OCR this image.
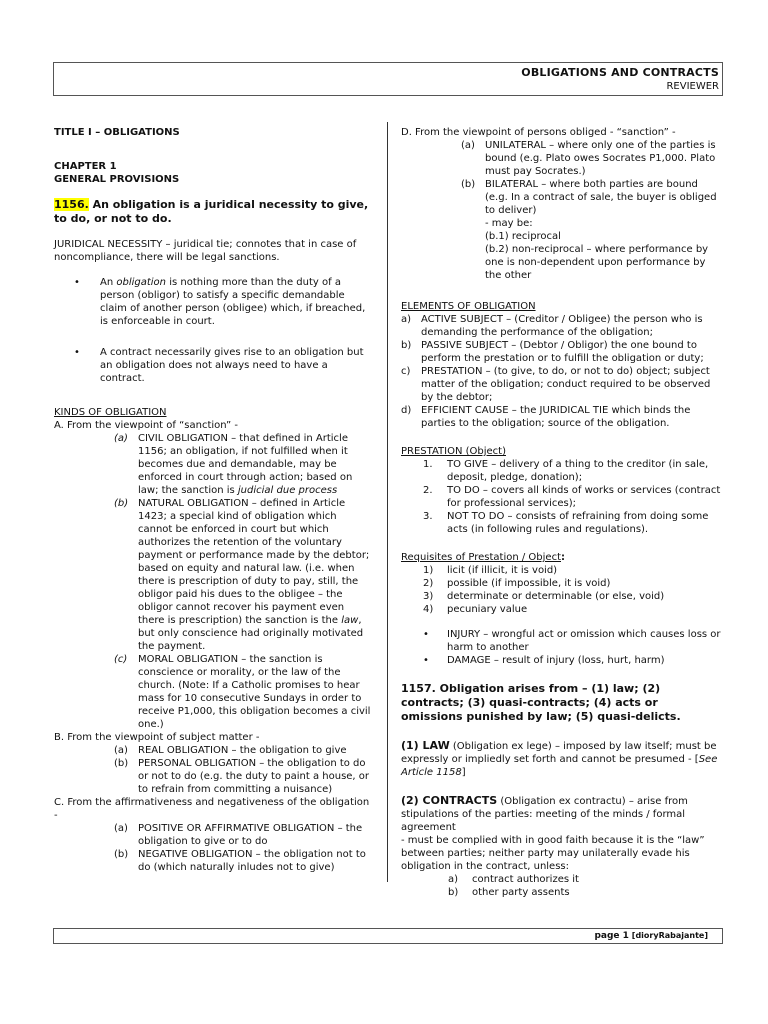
OBLIGATIONS AND CONTRACTS
REVIEWER

TITLE I – OBLIGATIONS

CHAPTER 1

GENERAL PROVISIONS

1156. An obligation is a juridical necessity to give, to do, or not to do.

JURIDICAL NECESSITY – juridical tie; connotes that in case of noncompliance, there will be legal sanctions.

•	An obligation is nothing more than the duty of a person (obligor) to satisfy a specific demandable claim of another person (obligee) which, if breached, is enforceable in court.
•	A contract necessarily gives rise to an obligation but an obligation does not always need to have a contract.

KINDS OF OBLIGATION

A. From the viewpoint of “sanction” -

(a)	CIVIL OBLIGATION – that defined in Article 1156; an obligation, if not fulfilled when it becomes due and demandable, may be enforced in court through action; based on law; the sanction is judicial due process
(b) NATURAL OBLIGATION – defined in Article 1423; a special kind of obligation which cannot be enforced in court but which authorizes the retention of the voluntary payment or performance made by the debtor; based on equity and natural law. (i.e. when there is prescription of duty to pay, still, the obligor paid his dues to the obligee – the obligor cannot recover his payment even there is prescription) the sanction is the law, but only conscience had originally motivated the payment.
(c)	MORAL OBLIGATION – the sanction is conscience or morality, or the law of the church. (Note: If a Catholic promises to hear mass for 10 consecutive Sundays in order to receive P1,000, this obligation becomes a civil one.)

B. From the viewpoint of subject matter -

(a)	REAL OBLIGATION – the obligation to give
(b) PERSONAL OBLIGATION – the obligation to do or not to do (e.g. the duty to paint a house, or to refrain from committing a nuisance)

C. From the affirmativeness and negativeness of the obligation -

(a)	POSITIVE OR AFFIRMATIVE OBLIGATION – the obligation to give or to do
(b) NEGATIVE OBLIGATION – the obligation not to do (which naturally inludes not to give)

D. From the viewpoint of persons obliged - “sanction” -

(a)	UNILATERAL – where only one of the parties is bound (e.g. Plato owes Socrates P1,000. Plato must pay Socrates.)
(b) BILATERAL – where both parties are bound (e.g. In a contract of sale, the buyer is obliged to deliver)
- may be:
(b.1) reciprocal
(b.2) non-reciprocal – where performance by one is non-dependent upon performance by the other

ELEMENTS OF OBLIGATION

a) ACTIVE SUBJECT – (Creditor / Obligee) the person who is demanding the performance of the obligation;
b) PASSIVE SUBJECT – (Debtor / Obligor) the one bound to perform the prestation or to fulfill the obligation or duty;
c)	PRESTATION – (to give, to do, or not to do) object; subject matter of the obligation; conduct required to be observed by the debtor;
d) EFFICIENT CAUSE – the JURIDICAL TIE which binds the parties to the obligation; source of the obligation.

PRESTATION (Object)

1.	TO GIVE – delivery of a thing to the creditor (in sale, deposit, pledge, donation);
2.	TO DO – covers all kinds of works or services (contract for professional services);
3.	NOT TO DO – consists of refraining from doing some acts (in following rules and regulations).

Requisites of Prestation / Object:

1)	licit (if illicit, it is void)
2)	possible (if impossible, it is void)
3)	determinate or determinable (or else, void)
4)	pecuniary value
•	INJURY – wrongful act or omission which causes loss or harm to another
•	DAMAGE – result of injury (loss, hurt, harm)

1157. Obligation arises from – (1) law; (2) contracts; (3) quasi-contracts; (4) acts or omissions punished by law; (5) quasi-delicts.

(1) LAW (Obligation ex lege) – imposed by law itself; must be expressly or impliedly set forth and cannot be presumed - [See Article 1158]

(2) CONTRACTS (Obligation ex contractu) – arise from stipulations of the parties: meeting of the minds / formal agreement

- must be complied with in good faith because it is the “law” between parties; neither party may unilaterally evade his obligation in the contract, unless:

a)	contract authorizes it
b)	other party assents
page 1 [dioryRabajante]
